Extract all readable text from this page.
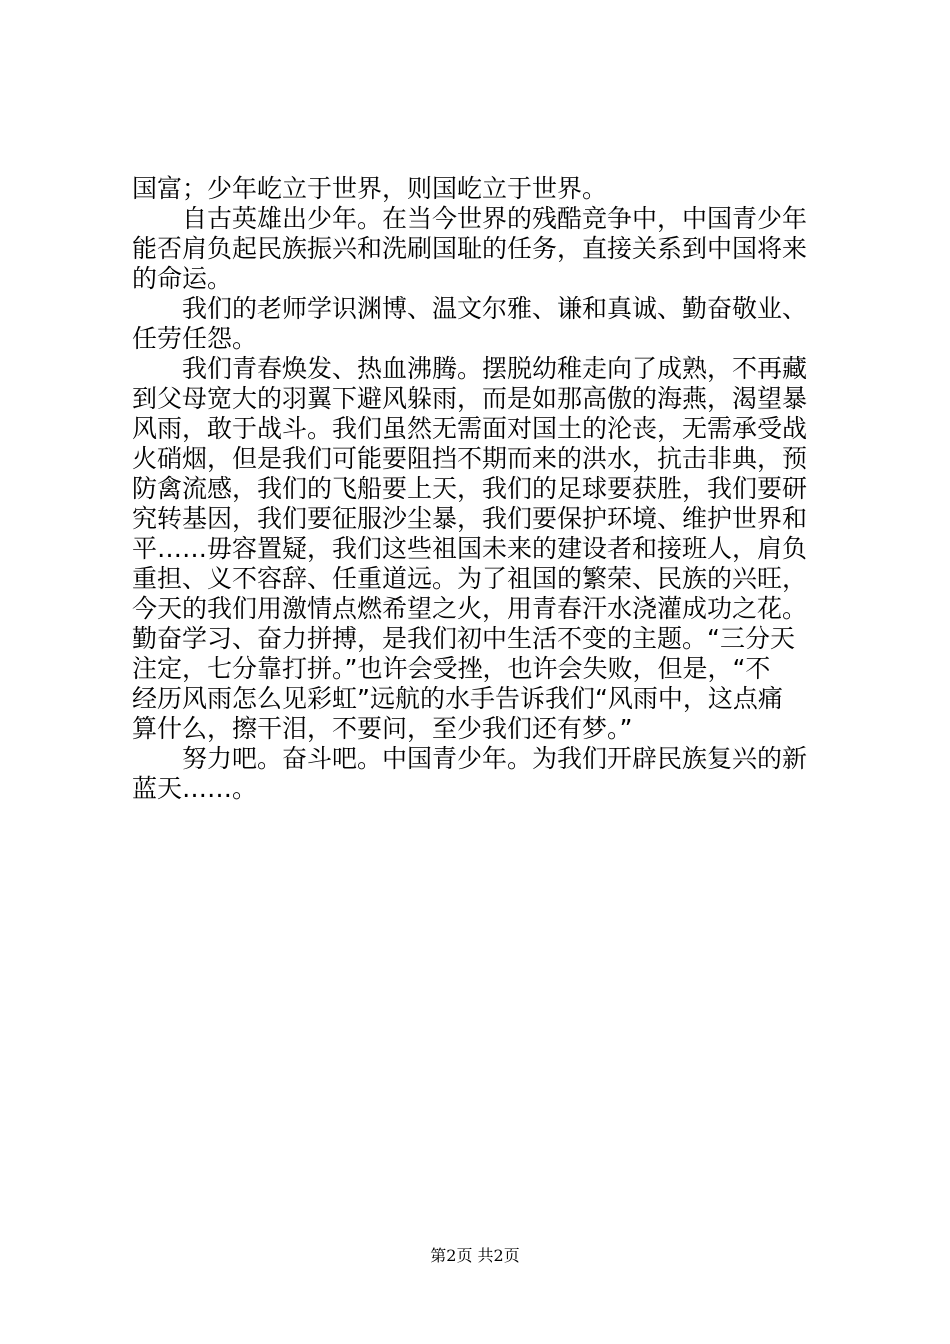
国富；少年屹立于世界，则国屹立于世界。
　　自古英雄出少年。在当今世界的残酷竞争中，中国青少年
能否肩负起民族振兴和洗刷国耻的任务，直接关系到中国将来
的命运。
　　我们的老师学识渊博、温文尔雅、谦和真诚、勤奋敬业、
任劳任怨。
　　我们青春焕发、热血沸腾。摆脱幼稚走向了成熟，不再藏
到父母宽大的羽翼下避风躲雨，而是如那高傲的海燕，渴望暴
风雨，敢于战斗。我们虽然无需面对国土的沦丧，无需承受战
火硝烟，但是我们可能要阻挡不期而来的洪水，抗击非典，预
防禽流感，我们的飞船要上天，我们的足球要获胜，我们要研
究转基因，我们要征服沙尘暴，我们要保护环境、维护世界和
平……毋容置疑，我们这些祖国未来的建设者和接班人，肩负
重担、义不容辞、任重道远。为了祖国的繁荣、民族的兴旺，
今天的我们用激情点燃希望之火，用青春汗水浇灌成功之花。
勤奋学习、奋力拼搏，是我们初中生活不变的主题。“三分天
注定，七分靠打拼。”也许会受挫，也许会失败，但是，“不
经历风雨怎么见彩虹”远航的水手告诉我们“风雨中，这点痛
算什么，擦干泪，不要问，至少我们还有梦。”
　　努力吧。奋斗吧。中国青少年。为我们开辟民族复兴的新
蓝天……。
第2页 共2页
